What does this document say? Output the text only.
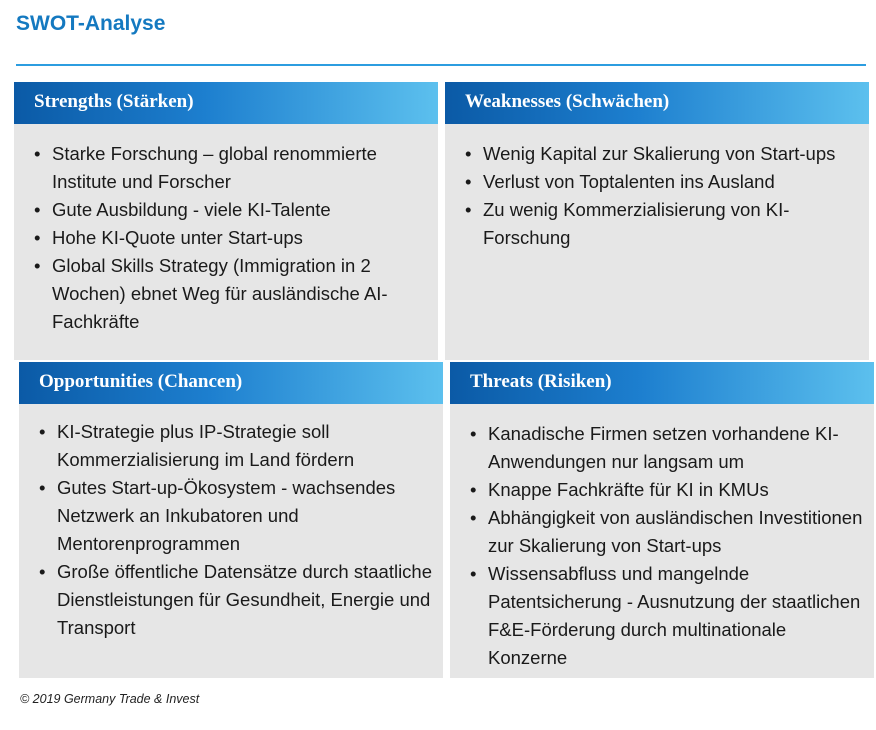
SWOT-Analyse
Strengths (Stärken)
• Starke Forschung – global renommierte Institute und Forscher
• Gute Ausbildung - viele KI-Talente
• Hohe KI-Quote unter Start-ups
• Global Skills Strategy (Immigration in 2 Wochen) ebnet Weg für ausländische AI-Fachkräfte
Weaknesses (Schwächen)
• Wenig Kapital zur Skalierung von Start-ups
• Verlust von Toptalenten ins Ausland
• Zu wenig Kommerzialisierung von KI-Forschung
Opportunities (Chancen)
• KI-Strategie plus IP-Strategie soll Kommerzialisierung im Land fördern
• Gutes Start-up-Ökosystem - wachsendes Netzwerk an Inkubatoren und Mentorenprogrammen
• Große öffentliche Datensätze durch staatliche Dienstleistungen für Gesundheit, Energie und Transport
Threats (Risiken)
• Kanadische Firmen setzen vorhandene KI-Anwendungen nur langsam um
• Knappe Fachkräfte für KI in KMUs
• Abhängigkeit von ausländischen Investitionen zur Skalierung von Start-ups
• Wissensabfluss und mangelnde Patentsicherung - Ausnutzung der staatlichen F&E-Förderung durch multinationale Konzerne
© 2019 Germany Trade & Invest
